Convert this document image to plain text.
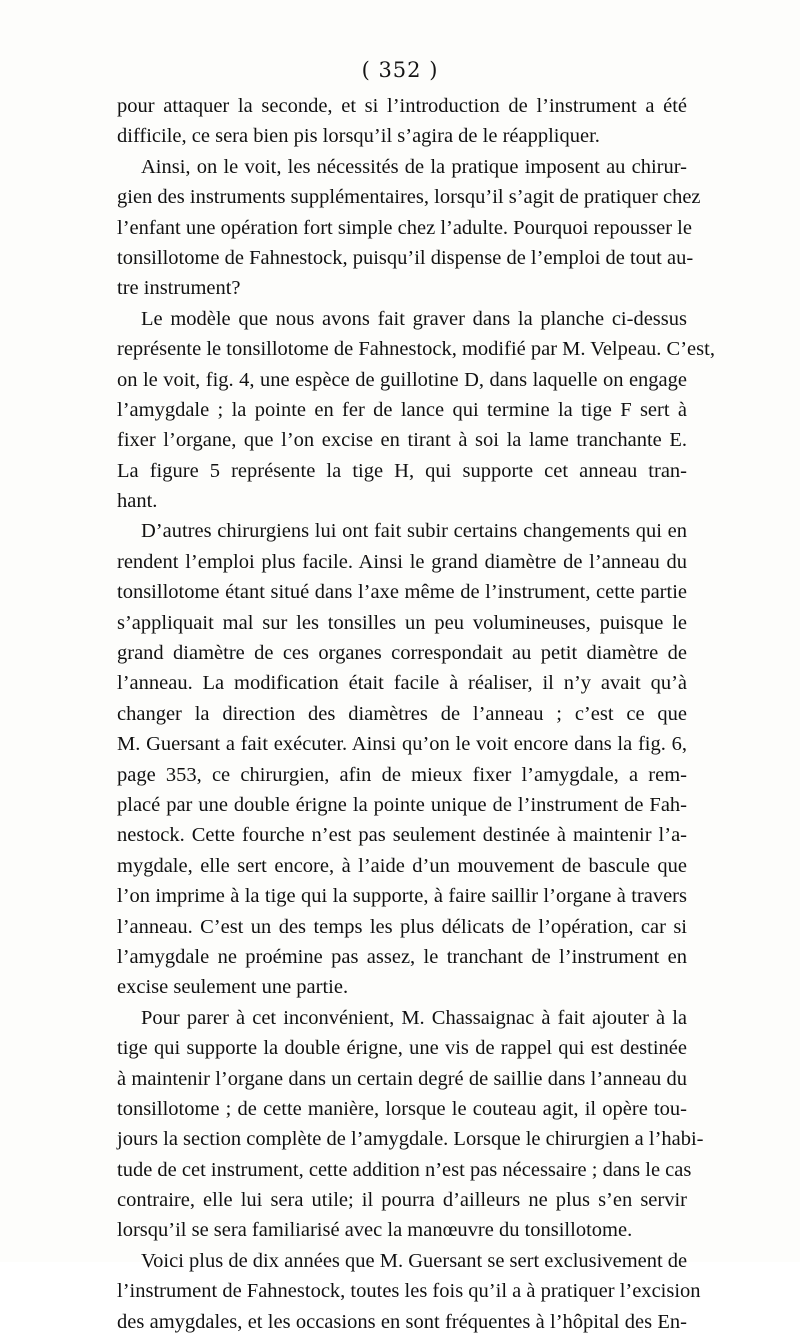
( 352 )
pour attaquer la seconde, et si l’introduction de l’instrument a été
difficile, ce sera bien pis lorsqu’il s’agira de le réappliquer.
Ainsi, on le voit, les nécessités de la pratique imposent au chirur-
gien des instruments supplémentaires, lorsqu’il s’agit de pratiquer chez
l’enfant une opération fort simple chez l’adulte. Pourquoi repousser le
tonsillotome de Fahnestock, puisqu’il dispense de l’emploi de tout au-
tre instrument?
Le modèle que nous avons fait graver dans la planche ci-dessus
représente le tonsillotome de Fahnestock, modifié par M. Velpeau. C’est,
on le voit, fig. 4, une espèce de guillotine D, dans laquelle on engage
l’amygdale ; la pointe en fer de lance qui termine la tige F sert à
fixer l’organe, que l’on excise en tirant à soi la lame tranchante E.
La figure 5 représente la tige H, qui supporte cet anneau tran-
hant.
D’autres chirurgiens lui ont fait subir certains changements qui en
rendent l’emploi plus facile. Ainsi le grand diamètre de l’anneau du
tonsillotome étant situé dans l’axe même de l’instrument, cette partie
s’appliquait mal sur les tonsilles un peu volumineuses, puisque le
grand diamètre de ces organes correspondait au petit diamètre de
l’anneau. La modification était facile à réaliser, il n’y avait qu’à
changer la direction des diamètres de l’anneau ; c’est ce que
M. Guersant a fait exécuter. Ainsi qu’on le voit encore dans la fig. 6,
page 353, ce chirurgien, afin de mieux fixer l’amygdale, a rem-
placé par une double érigne la pointe unique de l’instrument de Fah-
nestock. Cette fourche n’est pas seulement destinée à maintenir l’a-
mygdale, elle sert encore, à l’aide d’un mouvement de bascule que
l’on imprime à la tige qui la supporte, à faire saillir l’organe à travers
l’anneau. C’est un des temps les plus délicats de l’opération, car si
l’amygdale ne proémine pas assez, le tranchant de l’instrument en
excise seulement une partie.
Pour parer à cet inconvénient, M. Chassaignac à fait ajouter à la
tige qui supporte la double érigne, une vis de rappel qui est destinée
à maintenir l’organe dans un certain degré de saillie dans l’anneau du
tonsillotome ; de cette manière, lorsque le couteau agit, il opère tou-
jours la section complète de l’amygdale. Lorsque le chirurgien a l’habi-
tude de cet instrument, cette addition n’est pas nécessaire ; dans le cas
contraire, elle lui sera utile; il pourra d’ailleurs ne plus s’en servir
lorsqu’il se sera familiarisé avec la manœuvre du tonsillotome.
Voici plus de dix années que M. Guersant se sert exclusivement de
l’instrument de Fahnestock, toutes les fois qu’il a à pratiquer l’excision
des amygdales, et les occasions en sont fréquentes à l’hôpital des En-
